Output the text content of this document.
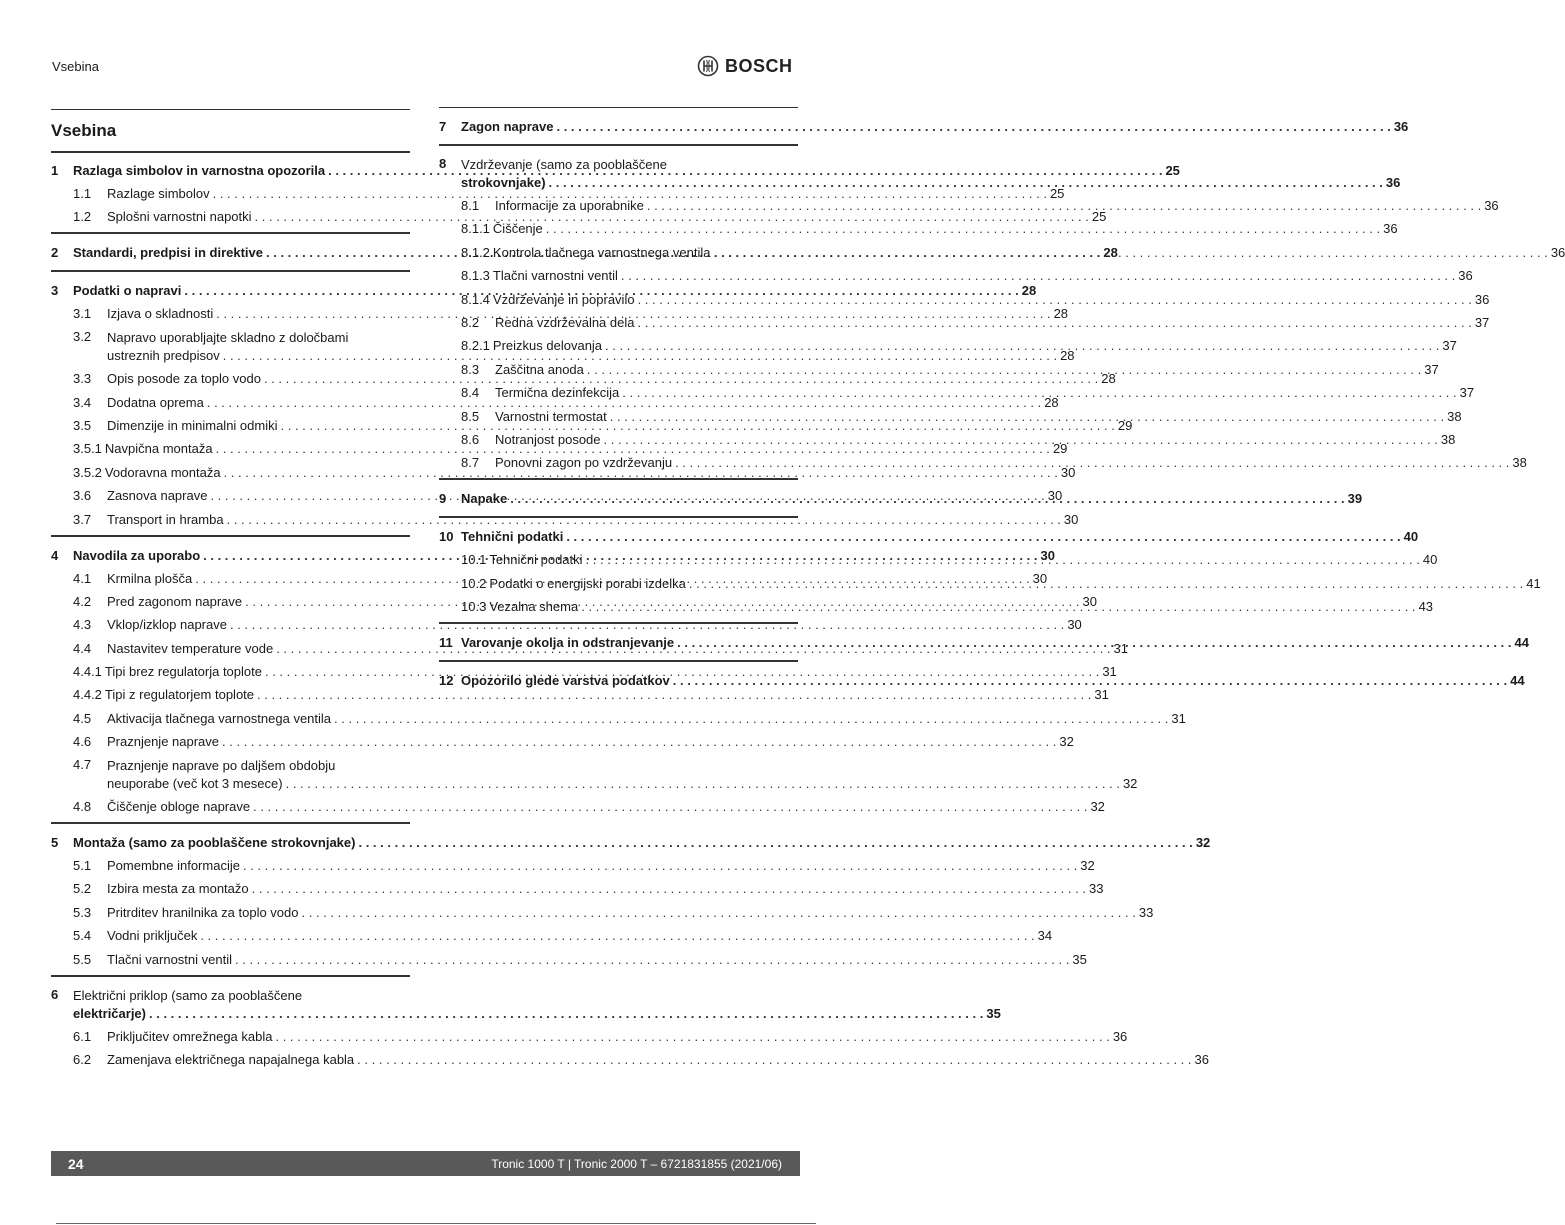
Vsebina	BOSCH
Vsebina
1	Razlaga simbolov in varnostna opozorila . . .	25
1.1	Razlage simbolov . . .	25
1.2	Splošni varnostni napotki . . .	25
2	Standardi, predpisi in direktive . . .	28
3	Podatki o napravi . . .	28
3.1	Izjava o skladnosti . . .	28
3.2	Napravo uporabljajte skladno z določbami
ustreznih predpisov . . .	28
3.3	Opis posode za toplo vodo . . .	28
3.4	Dodatna oprema . . .	28
3.5	Dimenzije in minimalni odmiki . . .	29
3.5.1 Navpična montaža . . .	29
3.5.2 Vodoravna montaža . . .	30
3.6	Zasnova naprave . . .	30
3.7	Transport in hramba . . .	30
4	Navodila za uporabo . . .	30
4.1	Krmilna plošča . . .	30
4.2	Pred zagonom naprave . . .	30
4.3	Vklop/izklop naprave . . .	30
4.4	Nastavitev temperature vode . . .	31
4.4.1 Tipi brez regulatorja toplote . . .	31
4.4.2 Tipi z regulatorjem toplote . . .	31
4.5	Aktivacija tlačnega varnostnega ventila . . .	31
4.6	Praznjenje naprave . . .	32
4.7	Praznjenje naprave po daljšem obdobju
neuporabe (več kot 3 mesece) . . .	32
4.8	Čiščenje obloge naprave . . .	32
5	Montaža (samo za pooblaščene strokovnjake) . . .	32
5.1	Pomembne informacije . . .	32
5.2	Izbira mesta za montažo . . .	33
5.3	Pritrditev hranilnika za toplo vodo . . .	33
5.4	Vodni priključek . . .	34
5.5	Tlačni varnostni ventil . . .	35
6	Električni priklop (samo za pooblaščene
električarje) . . .	35
6.1	Priključitev omrežnega kabla . . .	36
6.2	Zamenjava električnega napajalnega kabla . . .	36
7	Zagon naprave . . .	36
8	Vzdrževanje (samo za pooblaščene
strokovnjake) . . .	36
8.1	Informacije za uporabnike . . .	36
8.1.1 Čiščenje . . .	36
8.1.2 Kontrola tlačnega varnostnega ventila . . .	36
8.1.3 Tlačni varnostni ventil . . .	36
8.1.4 Vzdrževanje in popravilo . . .	36
8.2	Redna vzdrževalna dela . . .	37
8.2.1 Preizkus delovanja . . .	37
8.3	Zaščitna anoda . . .	37
8.4	Termična dezinfekcija . . .	37
8.5	Varnostni termostat . . .	38
8.6	Notranjost posode . . .	38
8.7	Ponovni zagon po vzdrževanju . . .	38
9	Napake . . .	39
10 Tehnični podatki . . .	40
10.1 Tehnični podatki . . .	40
10.2 Podatki o energijski porabi izdelka . . .	41
10.3 Vezalna shema . . .	43
11 Varovanje okolja in odstranjevanje . . .	44
12 Opozorilo glede varstva podatkov . . .	44
24	Tronic 1000 T | Tronic 2000 T – 6721831855 (2021/06)
